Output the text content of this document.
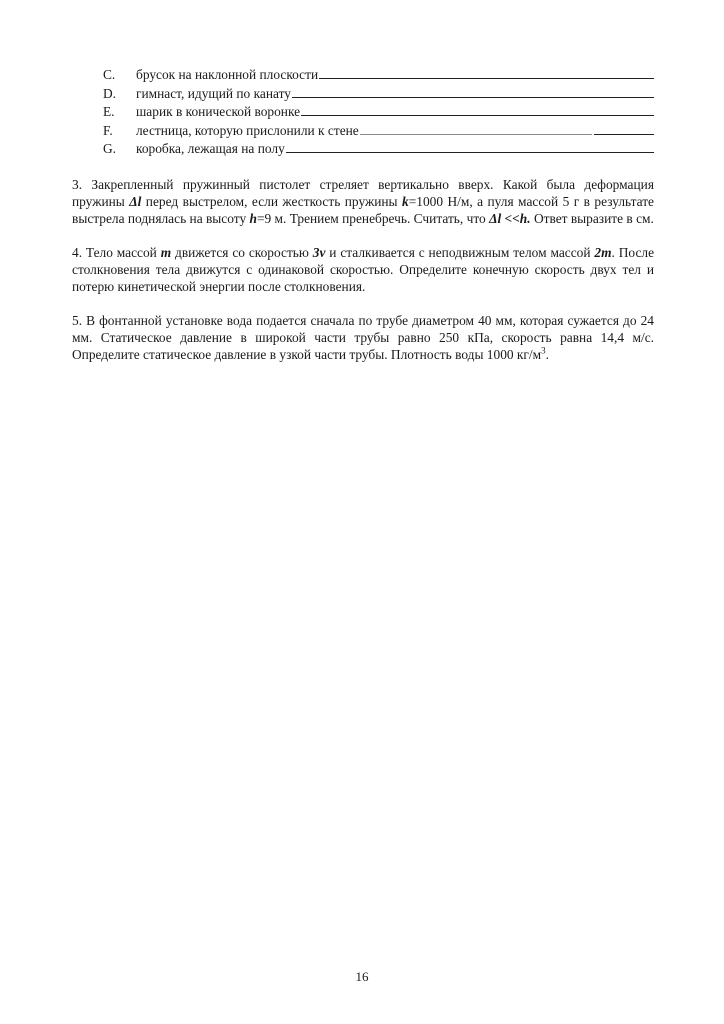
C.	брусок на наклонной плоскости
D.	гимнаст, идущий по канату
E.	шарик в конической воронке
F.	лестница, которую прислонили к стене
G.	коробка, лежащая на полу

3. Закрепленный пружинный пистолет стреляет вертикально вверх. Какой была деформация пружины Δl перед выстрелом, если жесткость пружины k=1000 Н/м, а пуля массой 5 г в результате выстрела поднялась на высоту h=9 м. Трением пренебречь. Считать, что Δl <<h. Ответ выразите в см.

4. Тело массой m движется со скоростью 3v и сталкивается с неподвижным телом массой 2m. После столкновения тела движутся с одинаковой скоростью. Определите конечную скорость двух тел и потерю кинетической энергии после столкновения.

5. В фонтанной установке вода подается сначала по трубе диаметром 40 мм, которая сужается до 24 мм. Статическое давление в широкой части трубы равно 250 кПа, скорость равна 14,4 м/с. Определите статическое давление в узкой части трубы. Плотность воды 1000 $кг/м^3$.

16
